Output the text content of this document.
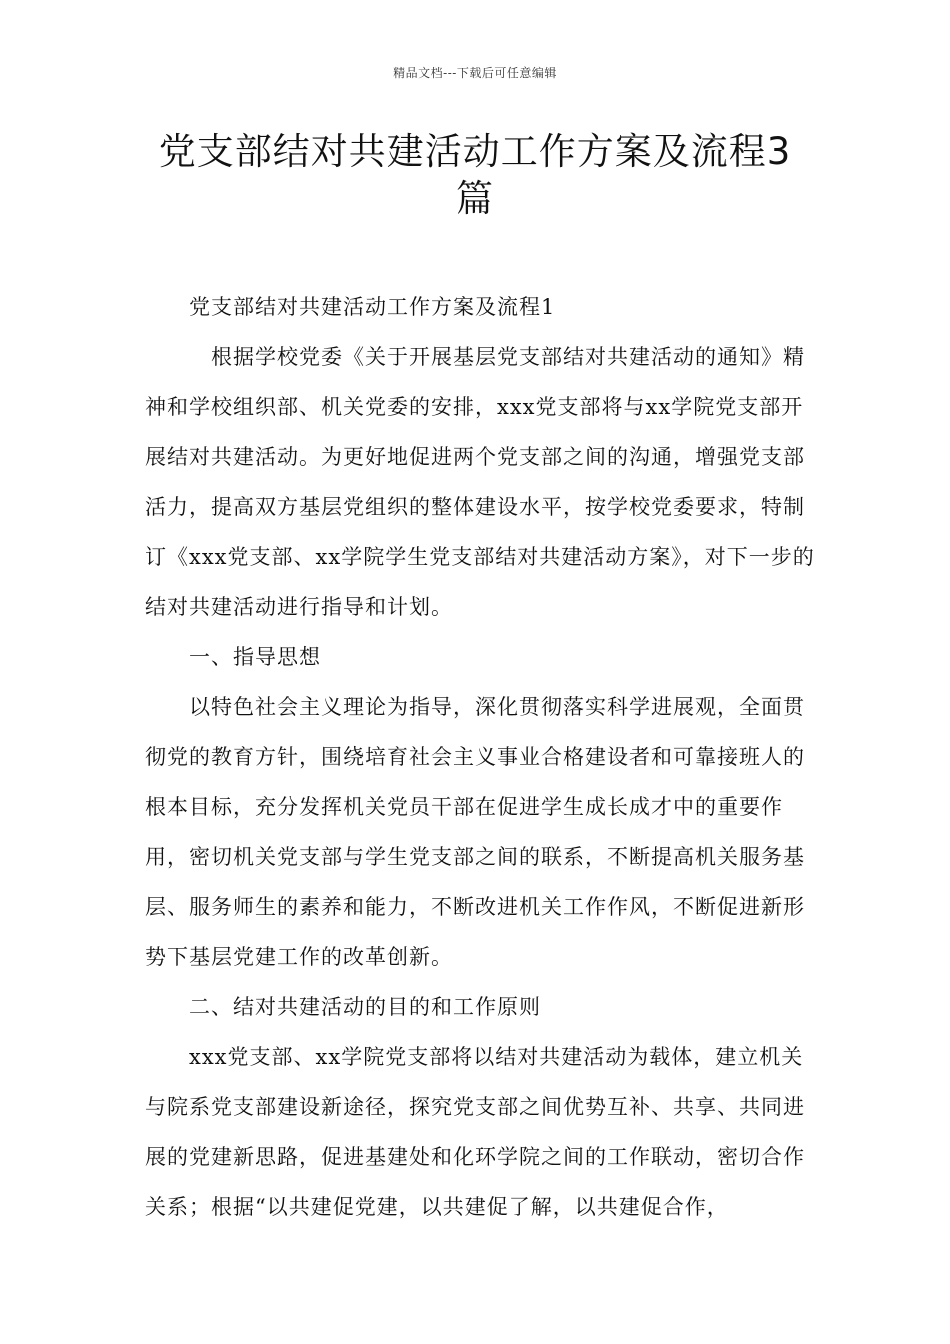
精品文档---下载后可任意编辑
党支部结对共建活动工作方案及流程3篇

党支部结对共建活动工作方案及流程1

根据学校党委《关于开展基层党支部结对共建活动的通知》精神和学校组织部、机关党委的安排，xxx党支部将与xx学院党支部开展结对共建活动。为更好地促进两个党支部之间的沟通，增强党支部活力，提高双方基层党组织的整体建设水平，按学校党委要求，特制订《xxx党支部、xx学院学生党支部结对共建活动方案》，对下一步的结对共建活动进行指导和计划。

一、指导思想

以特色社会主义理论为指导，深化贯彻落实科学进展观，全面贯彻党的教育方针，围绕培育社会主义事业合格建设者和可靠接班人的根本目标，充分发挥机关党员干部在促进学生成长成才中的重要作用，密切机关党支部与学生党支部之间的联系，不断提高机关服务基层、服务师生的素养和能力，不断改进机关工作作风，不断促进新形势下基层党建工作的改革创新。

二、结对共建活动的目的和工作原则

xxx党支部、xx学院党支部将以结对共建活动为载体，建立机关与院系党支部建设新途径，探究党支部之间优势互补、共享、共同进展的党建新思路，促进基建处和化环学院之间的工作联动，密切合作关系；根据“以共建促党建，以共建促了解，以共建促合作，
